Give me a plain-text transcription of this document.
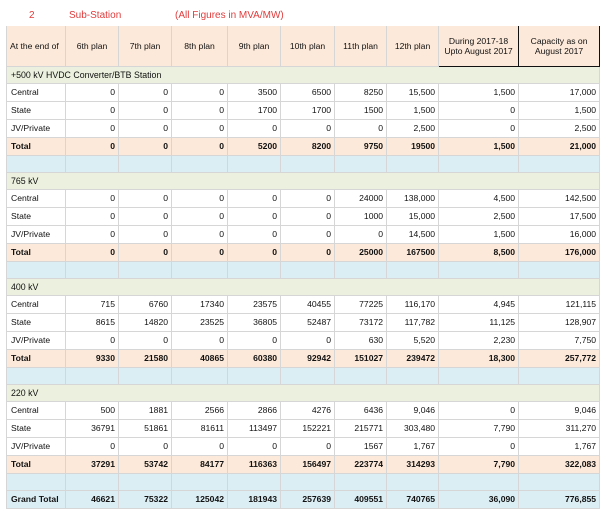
2	Sub-Station		(All Figures in MVA/MW)						
At the end of	6th plan	7th plan	8th plan	9th plan	10th plan	11th plan	12th plan	During 2017-18 Upto August 2017	Capacity as on August 2017
+500 kV HVDC Converter/BTB Station									
Central	0	0	0	3500	6500	8250	15,500	1,500	17,000
State	0	0	0	1700	1700	1500	1,500	0	1,500
JV/Private	0	0	0	0	0	0	2,500	0	2,500
Total	0	0	0	5200	8200	9750	19500	1,500	21,000

765 kV									
Central	0	0	0	0	0	24000	138,000	4,500	142,500
State	0	0	0	0	0	1000	15,000	2,500	17,500
JV/Private	0	0	0	0	0	0	14,500	1,500	16,000
Total	0	0	0	0	0	25000	167500	8,500	176,000

400 kV									
Central	715	6760	17340	23575	40455	77225	116,170	4,945	121,115
State	8615	14820	23525	36805	52487	73172	117,782	11,125	128,907
JV/Private	0	0	0	0	0	630	5,520	2,230	7,750
Total	9330	21580	40865	60380	92942	151027	239472	18,300	257,772

220 kV									
Central	500	1881	2566	2866	4276	6436	9,046	0	9,046
State	36791	51861	81611	113497	152221	215771	303,480	7,790	311,270
JV/Private	0	0	0	0	0	1567	1,767	0	1,767
Total	37291	53742	84177	116363	156497	223774	314293	7,790	322,083

Grand Total	46621	75322	125042	181943	257639	409551	740765	36,090	776,855
